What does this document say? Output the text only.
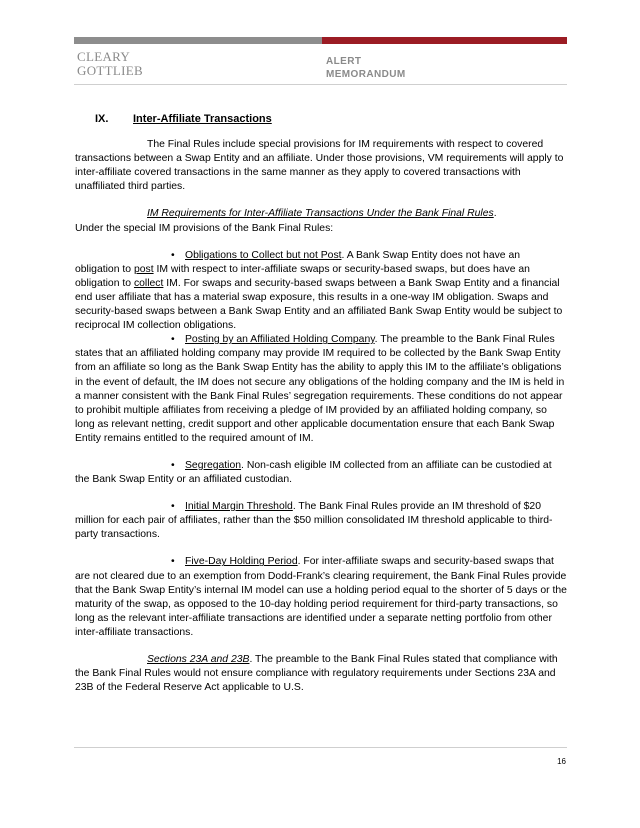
CLEARY
GOTTLIEB
ALERT
MEMORANDUM

IX. Inter-Affiliate Transactions

The Final Rules include special provisions for IM requirements with respect to covered transactions between a Swap Entity and an affiliate. Under those provisions, VM requirements will apply to inter-affiliate covered transactions in the same manner as they apply to covered transactions with unaffiliated third parties.

IM Requirements for Inter-Affiliate Transactions Under the Bank Final Rules.

Under the special IM provisions of the Bank Final Rules:

• Obligations to Collect but not Post. A Bank Swap Entity does not have an obligation to post IM with respect to inter-affiliate swaps or security-based swaps, but does have an obligation to collect IM. For swaps and security-based swaps between a Bank Swap Entity and a financial end user affiliate that has a material swap exposure, this results in a one-way IM obligation. Swaps and security-based swaps between a Bank Swap Entity and an affiliated Bank Swap Entity would be subject to reciprocal IM collection obligations.

• Posting by an Affiliated Holding Company. The preamble to the Bank Final Rules states that an affiliated holding company may provide IM required to be collected by the Bank Swap Entity from an affiliate so long as the Bank Swap Entity has the ability to apply this IM to the affiliate’s obligations in the event of default, the IM does not secure any obligations of the holding company and the IM is held in a manner consistent with the Bank Final Rules’ segregation requirements. These conditions do not appear to prohibit multiple affiliates from receiving a pledge of IM provided by an affiliated holding company, so long as relevant netting, credit support and other applicable documentation ensure that each Bank Swap Entity remains entitled to the required amount of IM.

• Segregation. Non-cash eligible IM collected from an affiliate can be custodied at the Bank Swap Entity or an affiliated custodian.

• Initial Margin Threshold. The Bank Final Rules provide an IM threshold of $20 million for each pair of affiliates, rather than the $50 million consolidated IM threshold applicable to third-party transactions.

• Five-Day Holding Period. For inter-affiliate swaps and security-based swaps that are not cleared due to an exemption from Dodd-Frank’s clearing requirement, the Bank Final Rules provide that the Bank Swap Entity’s internal IM model can use a holding period equal to the shorter of 5 days or the maturity of the swap, as opposed to the 10-day holding period requirement for third-party transactions, so long as the relevant inter-affiliate transactions are identified under a separate netting portfolio from other inter-affiliate transactions.

Sections 23A and 23B. The preamble to the Bank Final Rules stated that compliance with the Bank Final Rules would not ensure compliance with regulatory requirements under Sections 23A and 23B of the Federal Reserve Act applicable to U.S.

16
